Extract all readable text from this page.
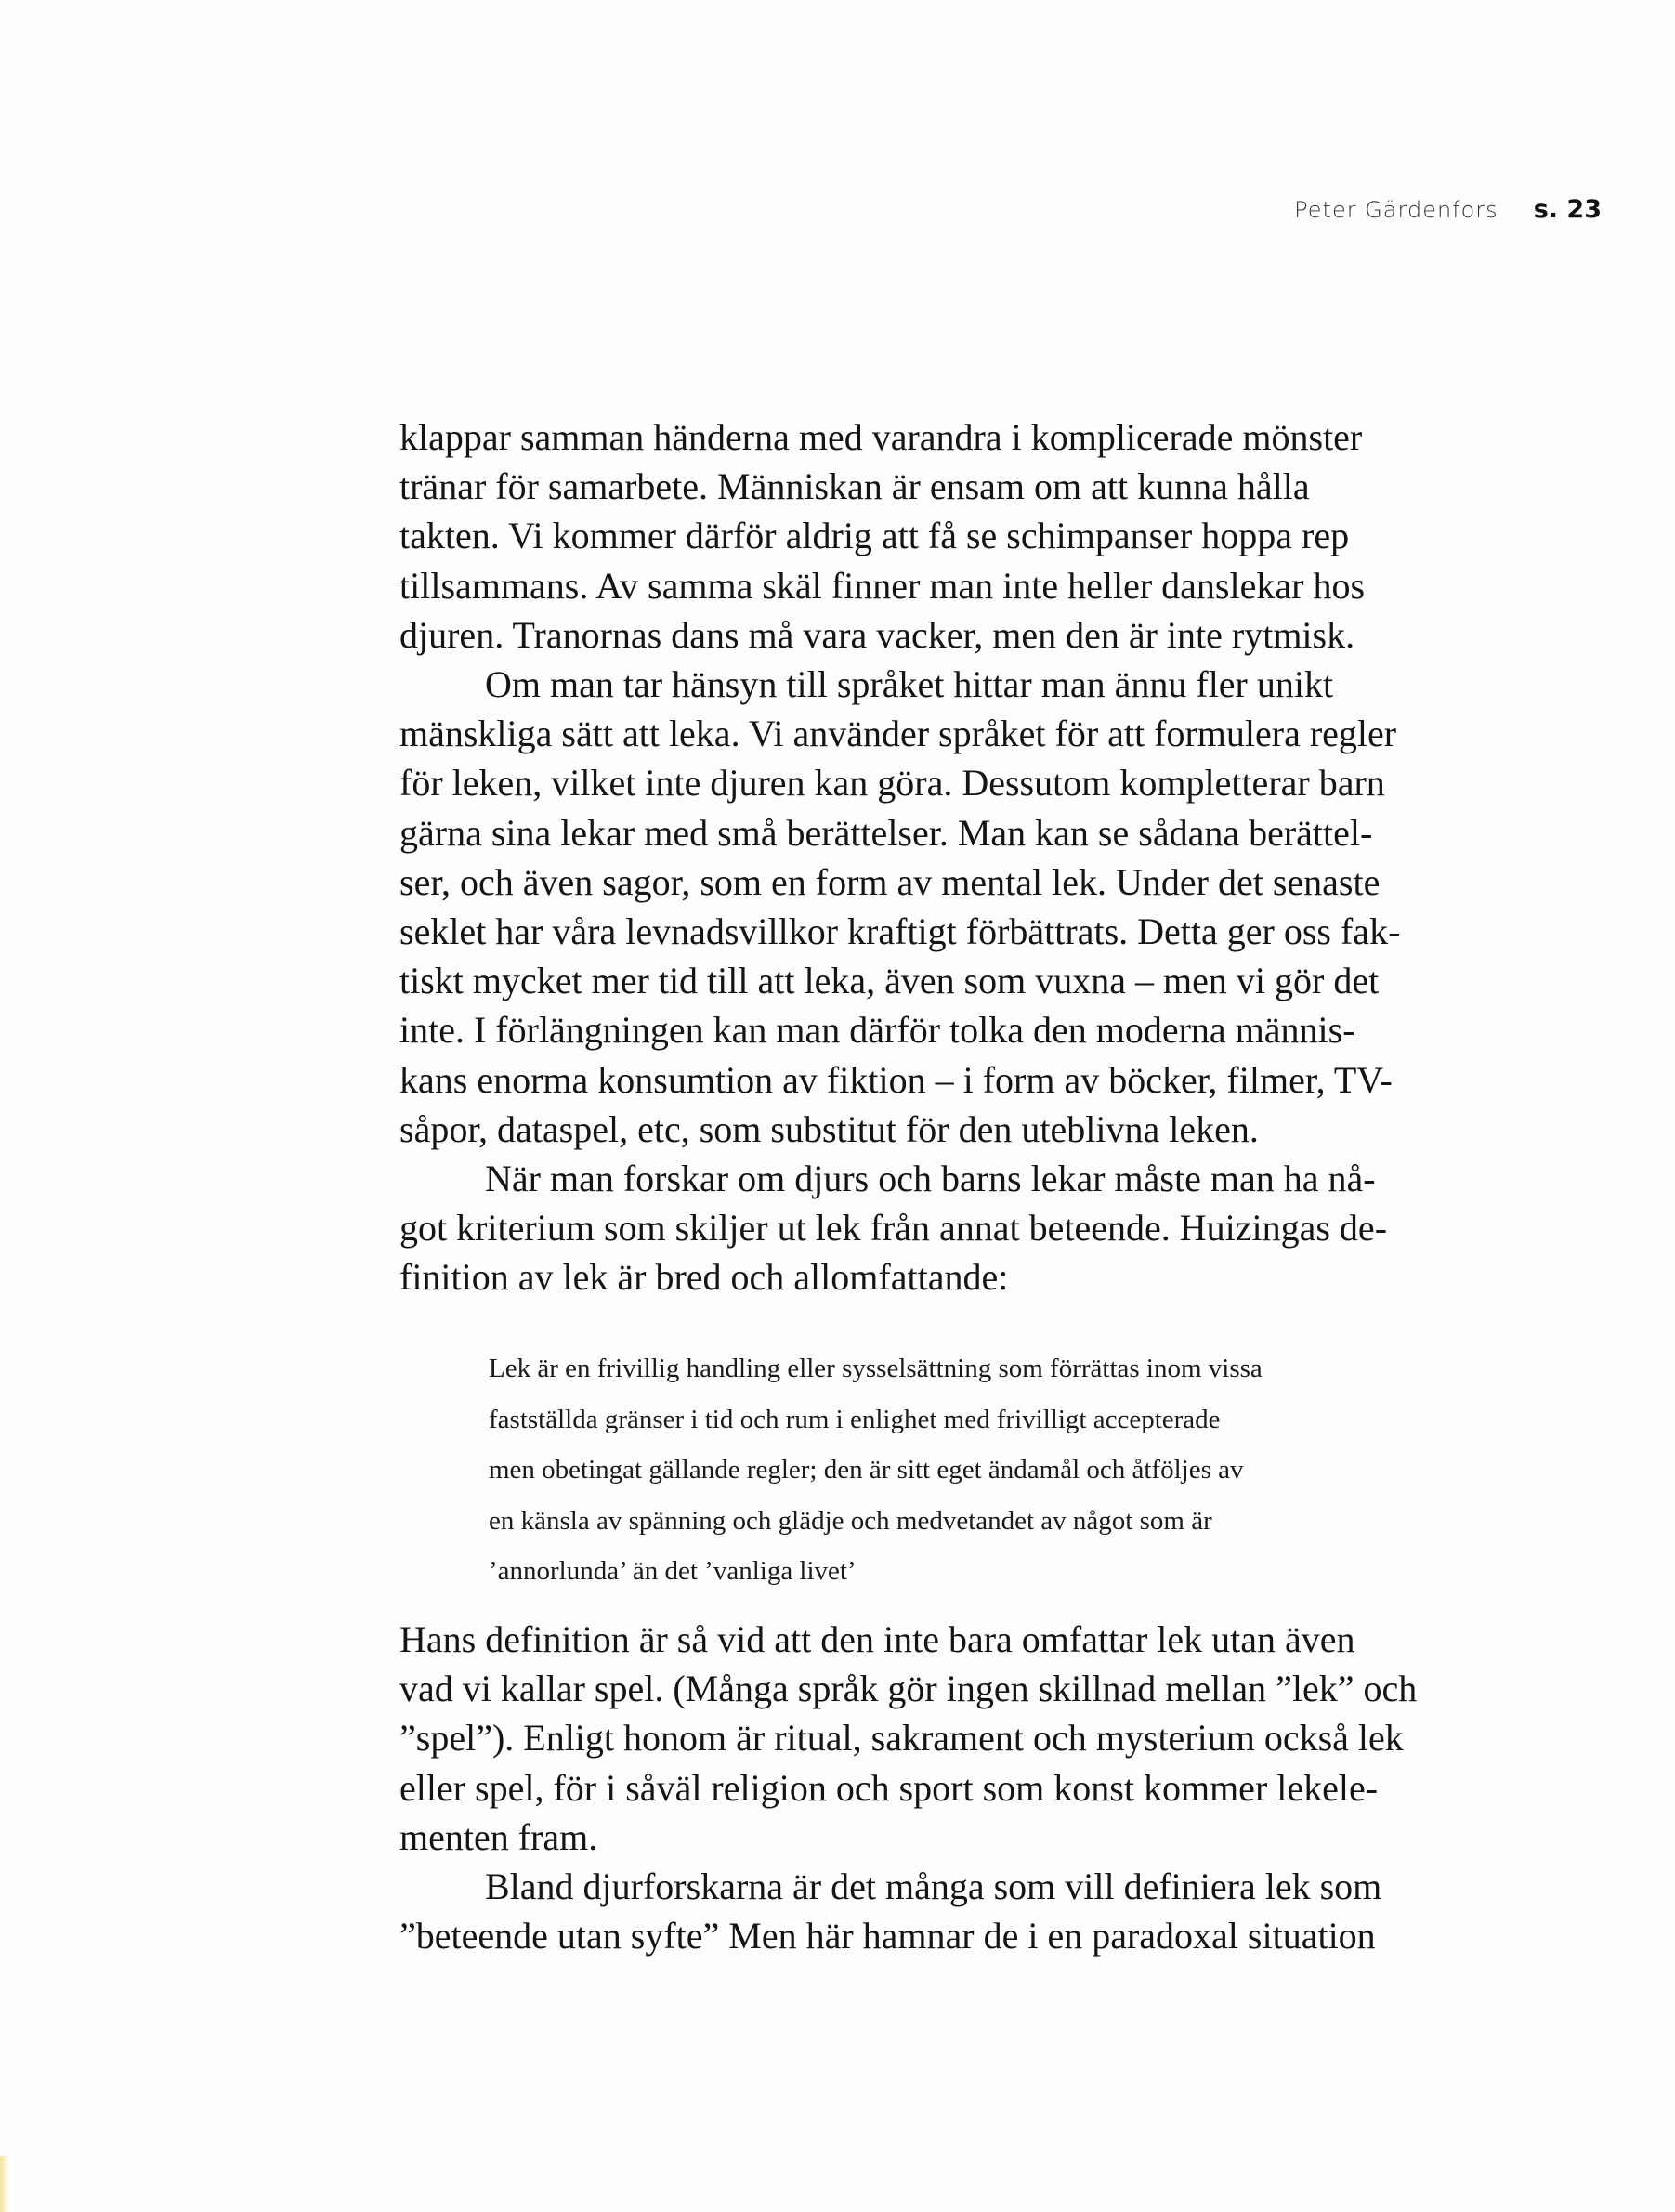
Peter Gärdenfors s. 23
klappar samman händerna med varandra i komplicerade mönster
tränar för samarbete. Människan är ensam om att kunna hålla
takten. Vi kommer därför aldrig att få se schimpanser hoppa rep
tillsammans. Av samma skäl finner man inte heller danslekar hos
djuren. Tranornas dans må vara vacker, men den är inte rytmisk.
Om man tar hänsyn till språket hittar man ännu fler unikt
mänskliga sätt att leka. Vi använder språket för att formulera regler
för leken, vilket inte djuren kan göra. Dessutom kompletterar barn
gärna sina lekar med små berättelser. Man kan se sådana berättel-
ser, och även sagor, som en form av mental lek. Under det senaste
seklet har våra levnadsvillkor kraftigt förbättrats. Detta ger oss fak-
tiskt mycket mer tid till att leka, även som vuxna – men vi gör det
inte. I förlängningen kan man därför tolka den moderna männis-
kans enorma konsumtion av fiktion – i form av böcker, filmer, TV-
såpor, dataspel, etc, som substitut för den uteblivna leken.
När man forskar om djurs och barns lekar måste man ha nå-
got kriterium som skiljer ut lek från annat beteende. Huizingas de-
finition av lek är bred och allomfattande:
Lek är en frivillig handling eller sysselsättning som förrättas inom vissa
fastställda gränser i tid och rum i enlighet med frivilligt accepterade
men obetingat gällande regler; den är sitt eget ändamål och åtföljes av
en känsla av spänning och glädje och medvetandet av något som är
’annorlunda’ än det ’vanliga livet’
Hans definition är så vid att den inte bara omfattar lek utan även
vad vi kallar spel. (Många språk gör ingen skillnad mellan ”lek” och
”spel”). Enligt honom är ritual, sakrament och mysterium också lek
eller spel, för i såväl religion och sport som konst kommer lekele-
menten fram.
Bland djurforskarna är det många som vill definiera lek som
”beteende utan syfte” Men här hamnar de i en paradoxal situation
